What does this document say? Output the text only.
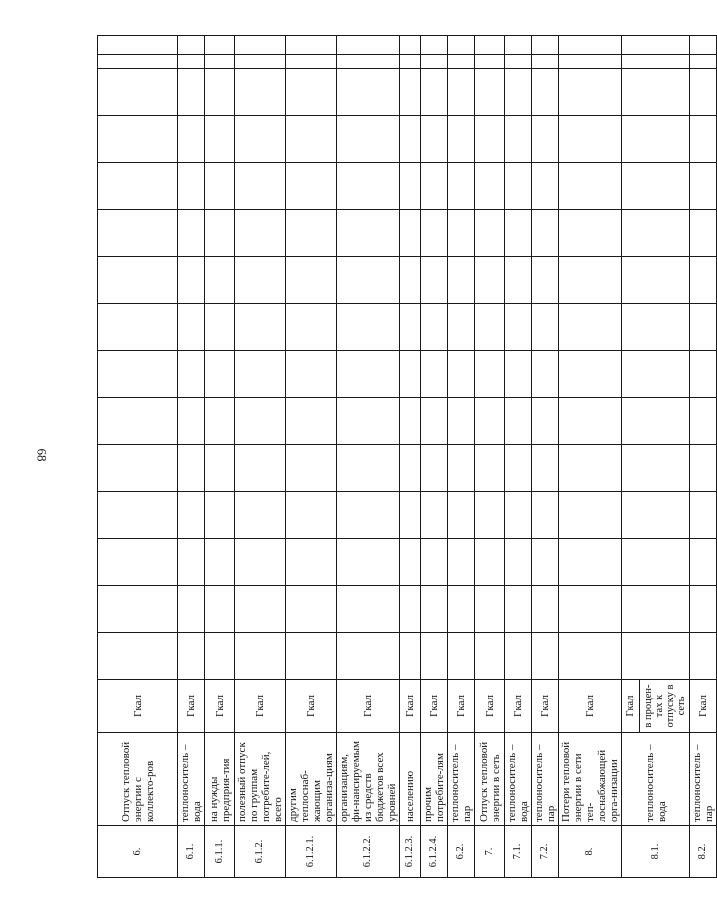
68
6.	Отпуск тепловой энергии с коллекто-ров	Гкал															
6.1.	теплоноситель – вода	Гкал															
6.1.1.	на нужды предприя-тия	Гкал															
6.1.2.	полезный отпуск по группам потребите-лей, всего	Гкал															
6.1.2.1.	другим теплоснаб-жающим организа-циям	Гкал															
6.1.2.2.	организациям, фи-нансируемым из средств бюджетов всех уровней	Гкал															
6.1.2.3.	населению	Гкал															
6.1.2.4.	прочим потребите-лям	Гкал															
6.2.	теплоноситель – пар	Гкал															
7.	Отпуск тепловой энергии в сеть	Гкал															
7.1.	теплоноситель – вода	Гкал															
7.2.	теплоноситель – пар	Гкал															
8.	Потери тепловой энергии в сети теп-лоснабжающей орга-низации	Гкал															
8.1.	теплоноситель – вода	Гкал															
		в процен-тах к отпуску в сеть															
8.2.	теплоноситель – пар	Гкал															
